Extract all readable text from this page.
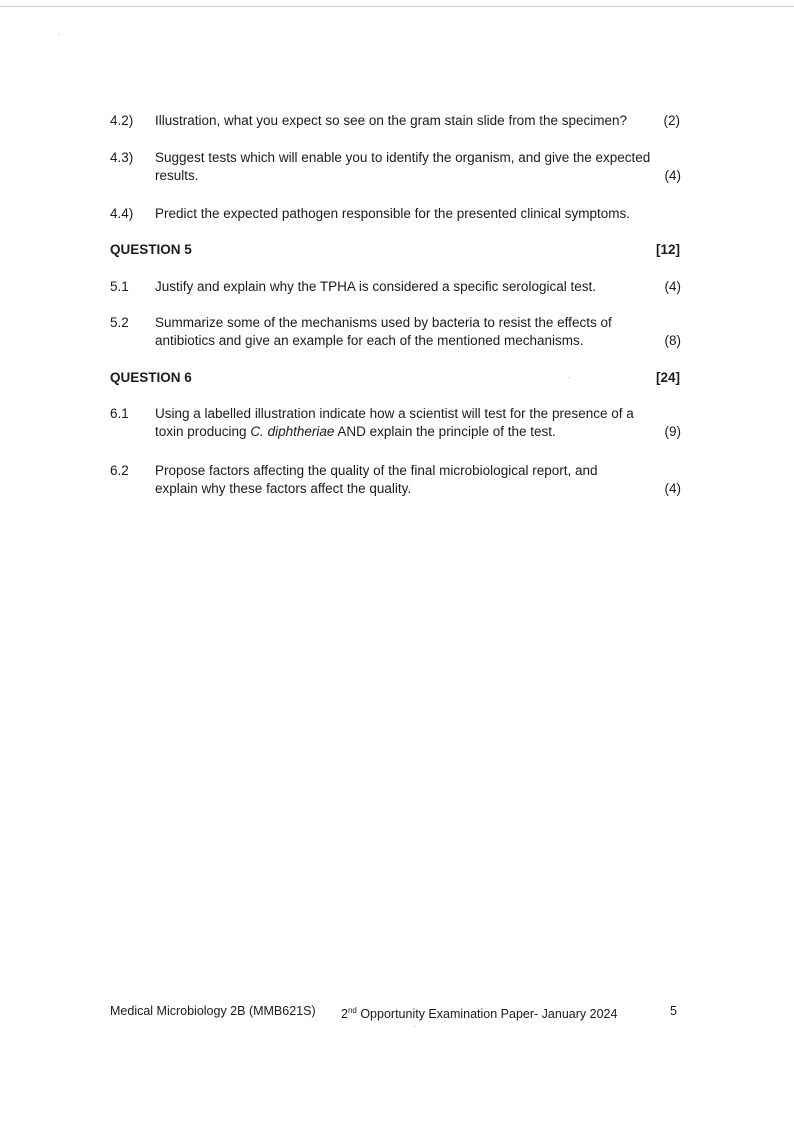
4.2) Illustration, what you expect so see on the gram stain slide from the specimen?	(2)
4.3) Suggest tests which will enable you to identify the organism, and give the expected results.	(4)
4.4) Predict the expected pathogen responsible for the presented clinical symptoms.
QUESTION 5	[12]
5.1 Justify and explain why the TPHA is considered a specific serological test.	(4)
5.2 Summarize some of the mechanisms used by bacteria to resist the effects of antibiotics and give an example for each of the mentioned mechanisms.	(8)
QUESTION 6	[24]
6.1 Using a labelled illustration indicate how a scientist will test for the presence of a toxin producing C. diphtheriae AND explain the principle of the test.	(9)
6.2 Propose factors affecting the quality of the final microbiological report, and explain why these factors affect the quality.	(4)
Medical Microbiology 2B (MMB621S) 2nd Opportunity Examination Paper- January 2024	5
